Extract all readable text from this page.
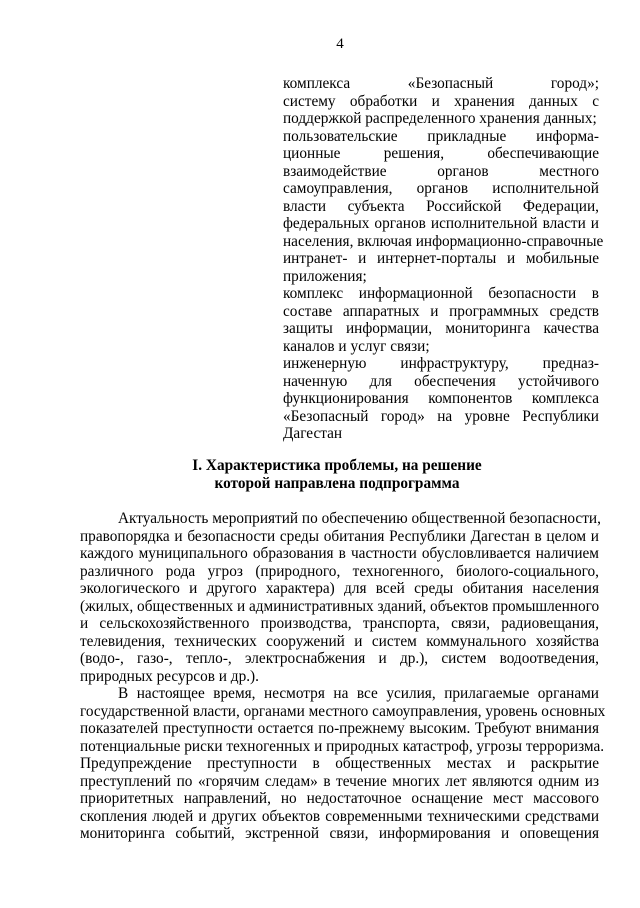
4
комплекса «Безопасный город»;
систему обработки и хранения данных с
поддержкой распределенного хранения данных;
пользовательские прикладные информа-
ционные решения, обеспечивающие
взаимодействие органов местного
самоуправления, органов исполнительной
власти субъекта Российской Федерации,
федеральных органов исполнительной власти и
населения, включая информационно-справочные
интранет- и интернет-порталы и мобильные
приложения;
комплекс информационной безопасности в
составе аппаратных и программных средств
защиты информации, мониторинга качества
каналов и услуг связи;
инженерную инфраструктуру, предназ-
наченную для обеспечения устойчивого
функционирования компонентов комплекса
«Безопасный город» на уровне Республики
Дагестан
I. Характеристика проблемы, на решение
которой направлена подпрограмма
Актуальность мероприятий по обеспечению общественной безопасности,
правопорядка и безопасности среды обитания Республики Дагестан в целом и
каждого муниципального образования в частности обусловливается наличием
различного рода угроз (природного, техногенного, биолого-социального,
экологического и другого характера) для всей среды обитания населения
(жилых, общественных и административных зданий, объектов промышленного
и сельскохозяйственного производства, транспорта, связи, радиовещания,
телевидения, технических сооружений и систем коммунального хозяйства
(водо-, газо-, тепло-, электроснабжения и др.), систем водоотведения,
природных ресурсов и др.).
В настоящее время, несмотря на все усилия, прилагаемые органами
государственной власти, органами местного самоуправления, уровень основных
показателей преступности остается по-прежнему высоким. Требуют внимания
потенциальные риски техногенных и природных катастроф, угрозы терроризма.
Предупреждение преступности в общественных местах и раскрытие
преступлений по «горячим следам» в течение многих лет являются одним из
приоритетных направлений, но недостаточное оснащение мест массового
скопления людей и других объектов современными техническими средствами
мониторинга событий, экстренной связи, информирования и оповещения
